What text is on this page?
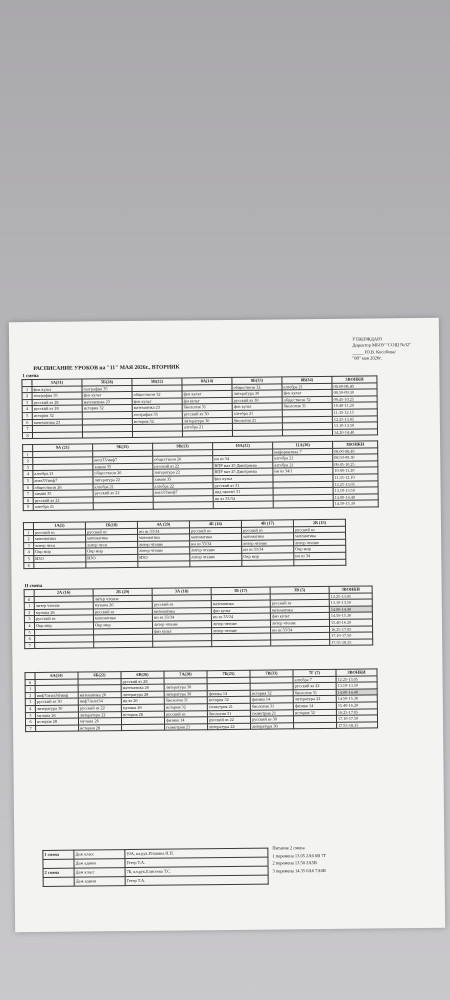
УТВЕРЖДАЮ
Директор МБОУ "СОШ №32"
_____ Ю.В. Кособова/
"08" мая 2026г.
РАСПИСАНИЕ УРОКОВ на "11" МАЯ 2026г., ВТОРНИК
1 смена
	5А(31)	5Б(28)	5В(32)	8А(14)	8Б(33)	8В(34)	ЗВОНКИ
1	физ культ	география 35			обществозн 32	алгебра 21	08.00-08.40
2	география 35	физ культ	обществозн 32	физ культ	литература 30	физ культ	08.50-09.30
3	русский яз 28	математика 23	физ культ	фи культ	русский яз 30	обществозн 32	09.45-10.25
4	русский яз 28	история 32	математика 23	биология 31	физ культ	биология 31	10.40-11.20
5	история 32		география 35	русский яз 30	алгебра 21		11.35-12.15
6	математика 23		история 32	литература 30	биология 21		12.25-13.05
7				алгебра 21			13.10-13.50
8							14.20-14.40
	9А (21)	9Б(35)	9В(13)	10А(32)	11А(30)	ЗВОНКИ
1					информатика 7	08.00-08.40
2		англ33/инф7	обществозн 26	ин яз 34	алгебра 21	08.50-09.30
3		химия 35	русский яз 22	ВПР мат 25 Дмитриева	алгебра 21	09.45-10.25
4	алгебра 21	обществозн 26	литература 22	ВПР мат 25 Дмитриева	ин яз 34/1	10.40-11.20
5	англ33/инф7	литература 22	химия 35	физ культ		11.35-12.10
6	обществозн 26	алгебра 21	алгебра 22	русский яз 31		12.25-13.05
7	химия 35	русский яз 22	англ33/инф7	инд проект 31		13.10-13.50
8	русский яз 22			ин яз 33/34		14.00-14.40
9	алгебра 21					14.50-15.30
	1А(5)	1Б(18)	4А (29)	4Б (16)	4В (17)	2В (15)
1	русский яз	русский яз	ин яз 33/34	русский яз	русский яз	русский яз
2	математика	математика	математика	математика	математика	математика
3	литер чтен	литер чтен	литер чтение	ин яз 33/34	литер чтение	литер чтение
4	Окр мир	Окр мир	литер чтение	литер чтение	ин яз 33/34	Окр мир
5	ИЗО	ИЗО	ИЗО	литер чтение	Окр мир	ин яз 34
6						
II смена
	2А (16)	2Б (29)	3А (18)	3Б (17)	3В (5)	ЗВОНКИ
0		литер чтение				12.25-13.05
1	литер чтение	музыка 26	русский яз	математика	русский яз	13.10-13.50
2	музыка 26	русский яз	математика	физ культ	математика	14.00-14.40
3	русский яз	математика	ин яз 33/34	ин яз 33/34	физ культ	14.50-15.30
4	Окр мир	Окр мир	литер чтение	литер чтение	литер чтение	15.40-16.20
5			физ культ	литер чтение	ин яз 33/34	16.25-17.05
6						17.10-17.50
7						17.55-18.35
	6А(14)	6Б(22)	6В(26)	7А(28)	7Б(25)	7В(33)	7Г (7)	ЗВОНКИ
0			русский яз 28				алгебра 7	12.25-13.05
1			математика 26	литература 30			русский яз 22	13.10-13.50
2	инф7/англ34/инф	математика 26	литература 28	литература 30	физика 14	история 32	биология 31	14.00-14.40
3	русский яз 30	инф7/англ34	ин яз 26	биология 31	история 32	физика 14	литература 22	14.50-15.30
4	литература 30	русский яз 22	музыка 26	история 32	геометрия 21	биология 31	физика 14	15.40-16.20
5	музыка 26	литература 22	история 28	русский яз	биология 31	геометрия 21	история 32	16.25-17.05
6	история 28	музыка 26		физика 14	русский яз 22	русский яз 30		17.10-17.50
7		история 28		геометрия 21	литература 22	литература 30		17.55-18.35
1 смена	Деж класс	10А, кл.рук.Плавина Н.П.
	Деж админ	Гетер Т.А.
2 смена	Деж класс	7Б, кл.рук.Елисеева Т.С.
	Деж админ	Гетер Т.А.
Питание 2 смена
1 перемена 13.05 2А6 6В 7Г
2 перемена 13.50 2А5В
3 перемена 14.35 6А6 7А6В
